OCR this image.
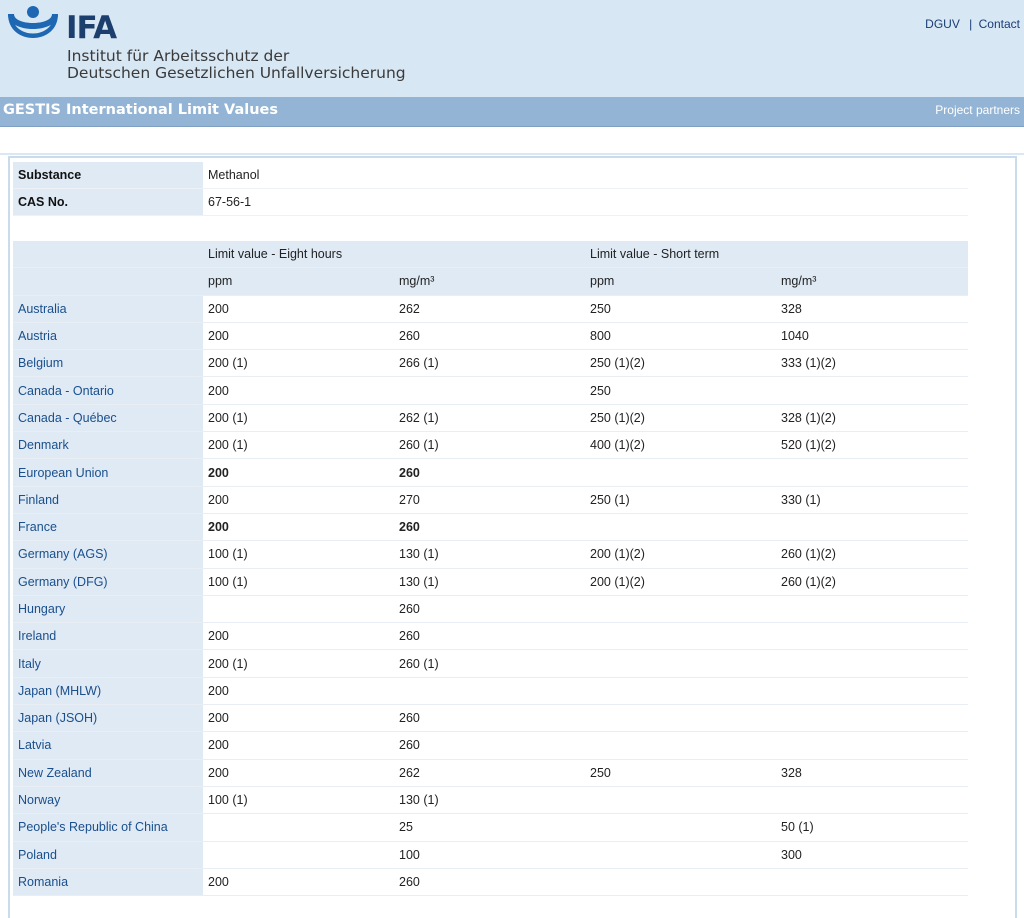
IFA
Institut für Arbeitsschutz der
Deutschen Gesetzlichen Unfallversicherung
DGUV | Contact
GESTIS International Limit Values	Project partners
Substance	Methanol
CAS No.	67-56-1
	Limit value - Eight hours		Limit value - Short term	
	ppm	mg/m³	ppm	mg/m³
Australia	200	262	250	328
Austria	200	260	800	1040
Belgium	200 (1)	266 (1)	250 (1)(2)	333 (1)(2)
Canada - Ontario	200		250	
Canada - Québec	200 (1)	262 (1)	250 (1)(2)	328 (1)(2)
Denmark	200 (1)	260 (1)	400 (1)(2)	520 (1)(2)
European Union	200	260		
Finland	200	270	250 (1)	330 (1)
France	200	260		
Germany (AGS)	100 (1)	130 (1)	200 (1)(2)	260 (1)(2)
Germany (DFG)	100 (1)	130 (1)	200 (1)(2)	260 (1)(2)
Hungary		260		
Ireland	200	260		
Italy	200 (1)	260 (1)		
Japan (MHLW)	200			
Japan (JSOH)	200	260		
Latvia	200	260		
New Zealand	200	262	250	328
Norway	100 (1)	130 (1)		
People's Republic of China		25		50 (1)
Poland		100		300
Romania	200	260		
